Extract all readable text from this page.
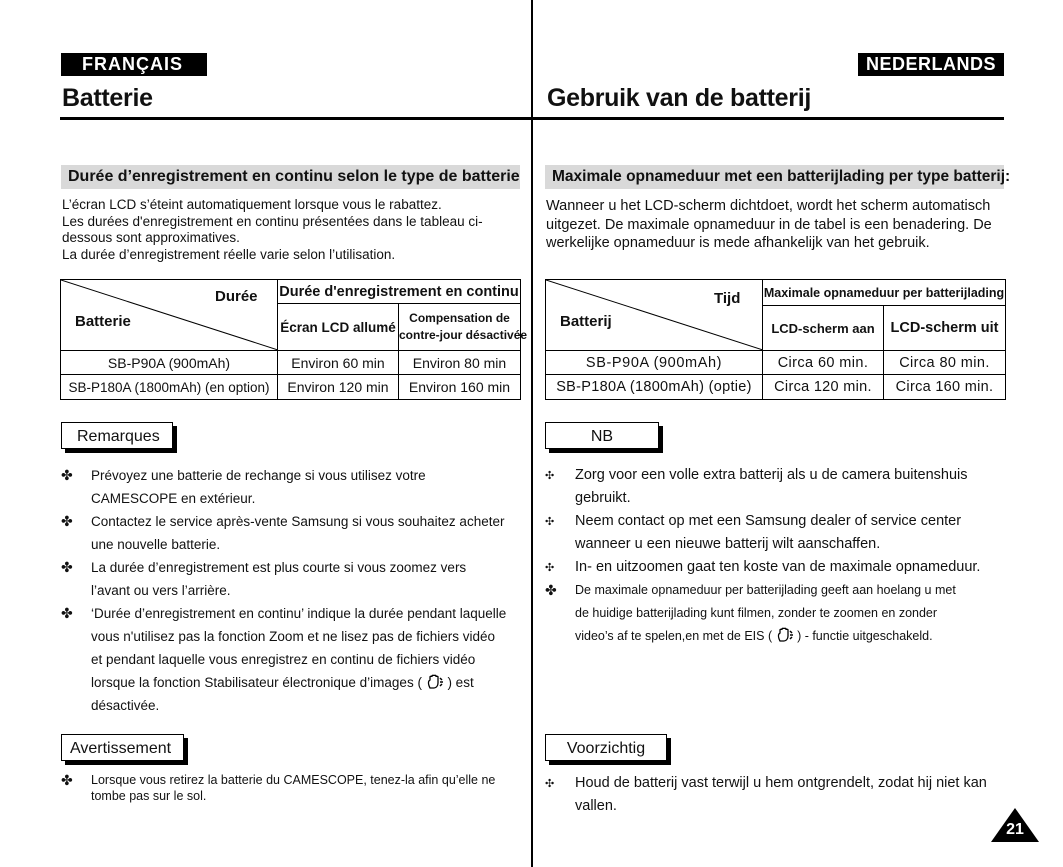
FRANÇAIS
Batterie
Durée d’enregistrement en continu selon le type de batterie
L’écran LCD s’éteint automatiquement lorsque vous le rabattez.
Les durées d'enregistrement en continu présentées dans le tableau ci-
dessous sont approximatives.
La durée d’enregistrement réelle varie selon l’utilisation.
Durée
Batterie	Durée d'enregistrement en continu	
	Écran LCD allumé	Compensation de
contre-jour désactivée

SB-P90A (900mAh)	Environ 60 min	Environ 80 min
SB-P180A (1800mAh) (en option)	Environ 120 min	Environ 160 min
Remarques
✤ Prévoyez une batterie de rechange si vous utilisez votre
CAMESCOPE en extérieur.
✤ Contactez le service après-vente Samsung si vous souhaitez acheter
une nouvelle batterie.
✤ La durée d’enregistrement est plus courte si vous zoomez vers
l’avant ou vers l’arrière.
✤ ‘Durée d’enregistrement en continu’ indique la durée pendant laquelle
vous n'utilisez pas la fonction Zoom et ne lisez pas de fichiers vidéo
et pendant laquelle vous enregistrez en continu de fichiers vidéo
lorsque la fonction Stabilisateur électronique d’images (  ) est
désactivée.
Avertissement
✤ Lorsque vous retirez la batterie du CAMESCOPE, tenez-la afin qu’elle ne
tombe pas sur le sol.
NEDERLANDS
Gebruik van de batterij
Maximale opnameduur met een batterijlading per type batterij:
Wanneer u het LCD-scherm dichtdoet, wordt het scherm automatisch
uitgezet. De maximale opnameduur in de tabel is een benadering. De
werkelijke opnameduur is mede afhankelijk van het gebruik.
Tijd
Batterij	Maximale opnameduur per batterijlading	
	LCD-scherm aan	LCD-scherm uit
SB-P90A (900mAh)	Circa 60 min.	Circa 80 min.
SB-P180A (1800mAh) (optie)	Circa 120 min.	Circa 160 min.
NB
✣ Zorg voor een volle extra batterij als u de camera buitenshuis
gebruikt.
✣ Neem contact op met een Samsung dealer of service center
wanneer u een nieuwe batterij wilt aanschaffen.
✣ In- en uitzoomen gaat ten koste van de maximale opnameduur.
✤ De maximale opnameduur per batterijlading geeft aan hoelang u met
de huidige batterijlading kunt filmen, zonder te zoomen en zonder
video’s af te spelen,en met de EIS (  ) - functie uitgeschakeld.
Voorzichtig
✣ Houd de batterij vast terwijl u hem ontgrendelt, zodat hij niet kan
vallen.
21
